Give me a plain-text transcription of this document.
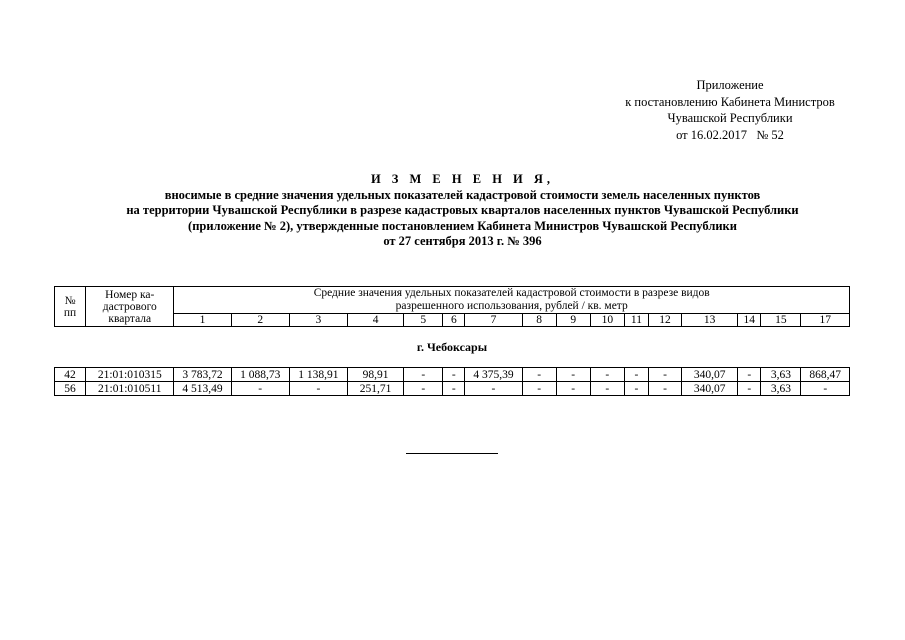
Приложение
к постановлению Кабинета Министров
Чувашской Республики
от 16.02.2017   № 52
И З М Е Н Е Н И Я,
вносимые в средние значения удельных показателей кадастровой стоимости земель населенных пунктов
на территории Чувашской Республики в разрезе кадастровых кварталов населенных пунктов Чувашской Республики
(приложение № 2), утвержденные постановлением Кабинета Министров Чувашской Республики
от 27 сентября 2013 г. № 396
№
пп	Номер ка-
дастрового
квартала	Средние значения удельных показателей кадастровой стоимости в разрезе видов разрешенного использования, рублей / кв. метр															
		1	2	3	4	5	6	7	8	9	10	11	12	13	14	15	17

г. Чебоксары																	

42	21:01:010315	3 783,72	1 088,73	1 138,91	98,91	-	-	4 375,39	-	-	-	-	-	340,07	-	3,63	868,47
56	21:01:010511	4 513,49	-	-	251,71	-	-	-	-	-	-	-	-	340,07	-	3,63	-
